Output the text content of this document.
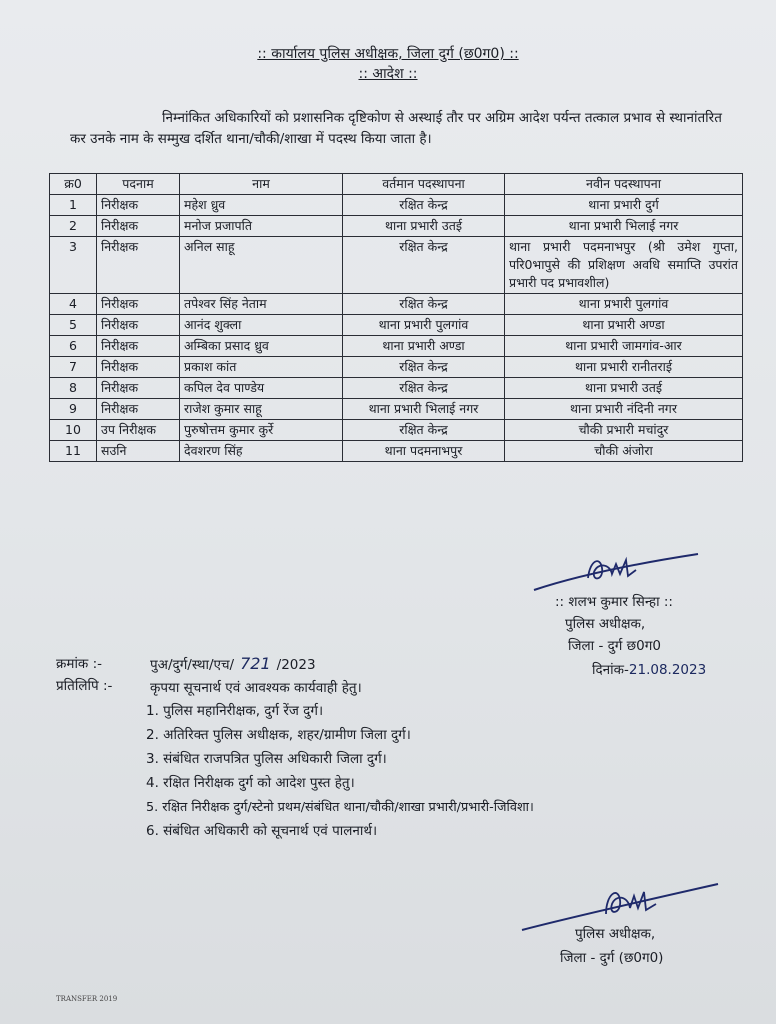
:: कार्यालय पुलिस अधीक्षक, जिला दुर्ग (छ0ग0) ::
:: आदेश ::
निम्नांकित अधिकारियों को प्रशासनिक दृष्टिकोण से अस्थाई तौर पर अग्रिम आदेश पर्यन्त तत्काल प्रभाव से स्थानांतरित कर उनके नाम के सम्मुख दर्शित थाना/चौकी/शाखा में पदस्थ किया जाता है।
क्र0	पदनाम	नाम	वर्तमान पदस्थापना	नवीन पदस्थापना
1	निरीक्षक	महेश ध्रुव	रक्षित केन्द्र	थाना प्रभारी दुर्ग
2	निरीक्षक	मनोज प्रजापति	थाना प्रभारी उतई	थाना प्रभारी भिलाई नगर
3	निरीक्षक	अनिल साहू	रक्षित केन्द्र	थाना प्रभारी पदमनाभपुर (श्री उमेश गुप्ता, परि0भापुसे की प्रशिक्षण अवधि समाप्ति उपरांत प्रभारी पद प्रभावशील)
4	निरीक्षक	तपेश्वर सिंह नेताम	रक्षित केन्द्र	थाना प्रभारी पुलगांव
5	निरीक्षक	आनंद शुक्ला	थाना प्रभारी पुलगांव	थाना प्रभारी अण्डा
6	निरीक्षक	अम्बिका प्रसाद ध्रुव	थाना प्रभारी अण्डा	थाना प्रभारी जामगांव-आर
7	निरीक्षक	प्रकाश कांत	रक्षित केन्द्र	थाना प्रभारी रानीतराई
8	निरीक्षक	कपिल देव पाण्डेय	रक्षित केन्द्र	थाना प्रभारी उतई
9	निरीक्षक	राजेश कुमार साहू	थाना प्रभारी भिलाई नगर	थाना प्रभारी नंदिनी नगर
10	उप निरीक्षक	पुरुषोत्तम कुमार कुर्रे	रक्षित केन्द्र	चौकी प्रभारी मचांदुर
11	सउनि	देवशरण सिंह	थाना पदमनाभपुर	चौकी अंजोरा
:: शलभ कुमार सिन्हा ::
पुलिस अधीक्षक,
जिला - दुर्ग छ0ग0
दिनांक-21.08.2023
क्रमांक :-	पुअ/दुर्ग/स्था/एच/ 721 /2023
प्रतिलिपि :-	कृपया सूचनार्थ एवं आवश्यक कार्यवाही हेतु।
1. पुलिस महानिरीक्षक, दुर्ग रेंज दुर्ग।
2. अतिरिक्त पुलिस अधीक्षक, शहर/ग्रामीण जिला दुर्ग।
3. संबंधित राजपत्रित पुलिस अधिकारी जिला दुर्ग।
4. रक्षित निरीक्षक दुर्ग को आदेश पुस्त हेतु।
5. रक्षित निरीक्षक दुर्ग/स्टेनो प्रथम/संबंधित थाना/चौकी/शाखा प्रभारी/प्रभारी-जिविशा।
6. संबंधित अधिकारी को सूचनार्थ एवं पालनार्थ।
पुलिस अधीक्षक,
जिला - दुर्ग (छ0ग0)
TRANSFER 2019
